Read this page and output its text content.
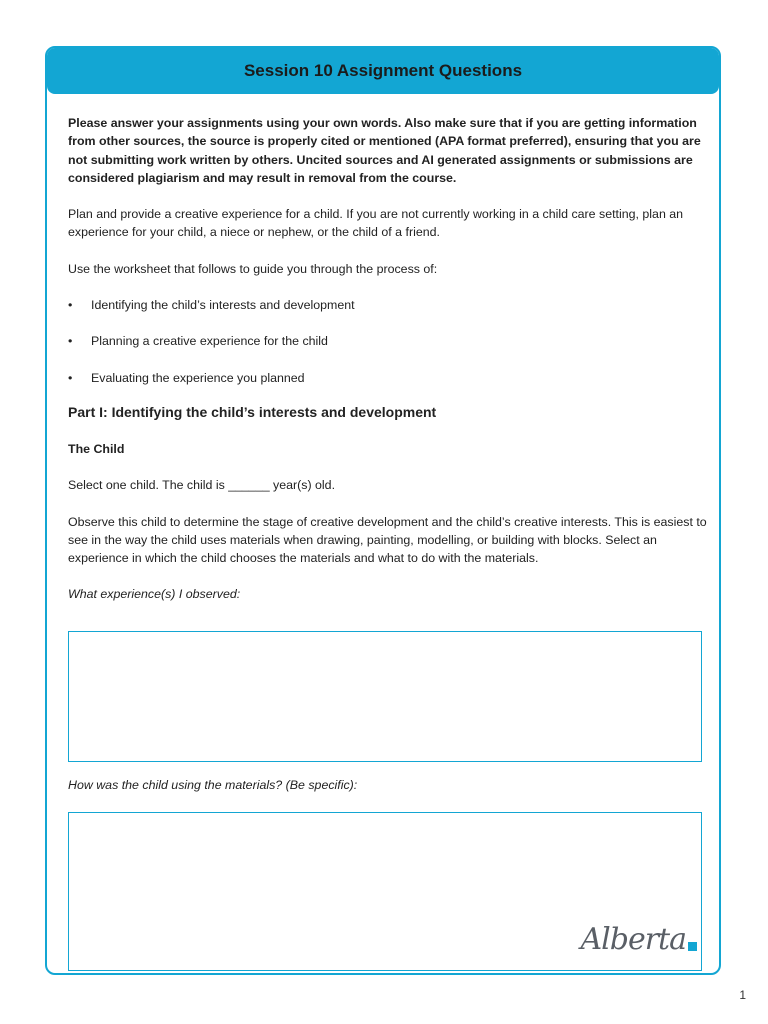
Session 10 Assignment Questions

Please answer your assignments using your own words. Also make sure that if you are getting information from other sources, the source is properly cited or mentioned (APA format preferred), ensuring that you are not submitting work written by others. Uncited sources and AI generated assignments or submissions are considered plagiarism and may result in removal from the course.

Plan and provide a creative experience for a child. If you are not currently working in a child care setting, plan an experience for your child, a niece or nephew, or the child of a friend.

Use the worksheet that follows to guide you through the process of:

•	Identifying the child’s interests and development
•	Planning a creative experience for the child
•	Evaluating the experience you planned
Part I: Identifying the child’s interests and development

The Child

Select one child. The child is ______ year(s) old.

Observe this child to determine the stage of creative development and the child’s creative interests. This is easiest to see in the way the child uses materials when drawing, painting, modelling, or building with blocks. Select an experience in which the child chooses the materials and what to do with the materials.

What experience(s) I observed:

How was the child using the materials? (Be specific):

Alberta
1
